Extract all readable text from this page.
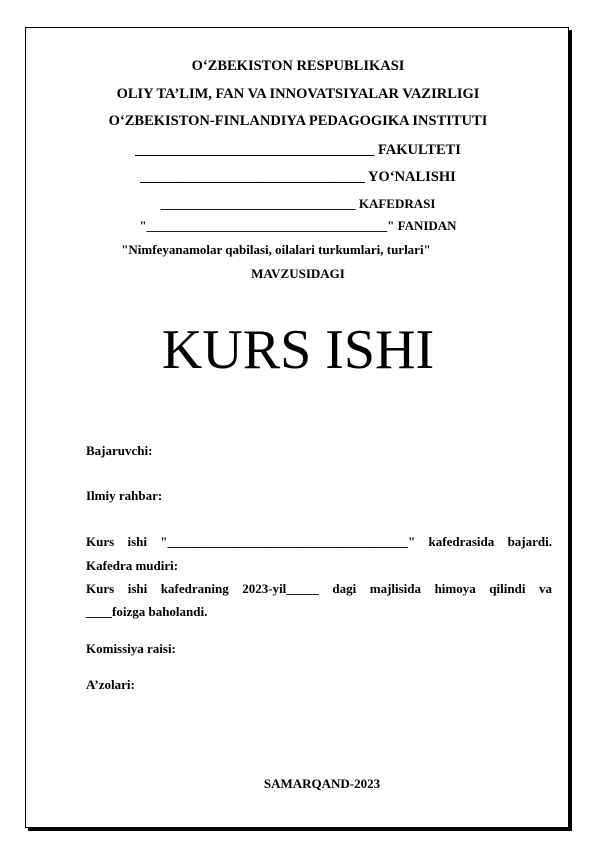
O‘ZBEKISTON RESPUBLIKASI
OLIY TA’LIM, FAN VA INNOVATSIYALAR VAZIRLIGI
O‘ZBEKISTON-FINLANDIYA PEDAGOGIKA INSTITUTI
_________________________________ FAKULTETI
_______________________________ YO‘NALISHI
______________________________ KAFEDRASI
"_____________________________________" FANIDAN
"Nimfeyanamolar qabilasi, oilalari turkumlari, turlari"
MAVZUSIDAGI
KURS ISHI
Bajaruvchi:
Ilmiy rahbar:
Kurs ishi "_____________________________________" kafedrasida bajardi.
Kafedra mudiri:
Kurs ishi kafedraning 2023-yil_____ dagi majlisida himoya qilindi va
____foizga baholandi.
Komissiya raisi:
A’zolari:
SAMARQAND-2023
